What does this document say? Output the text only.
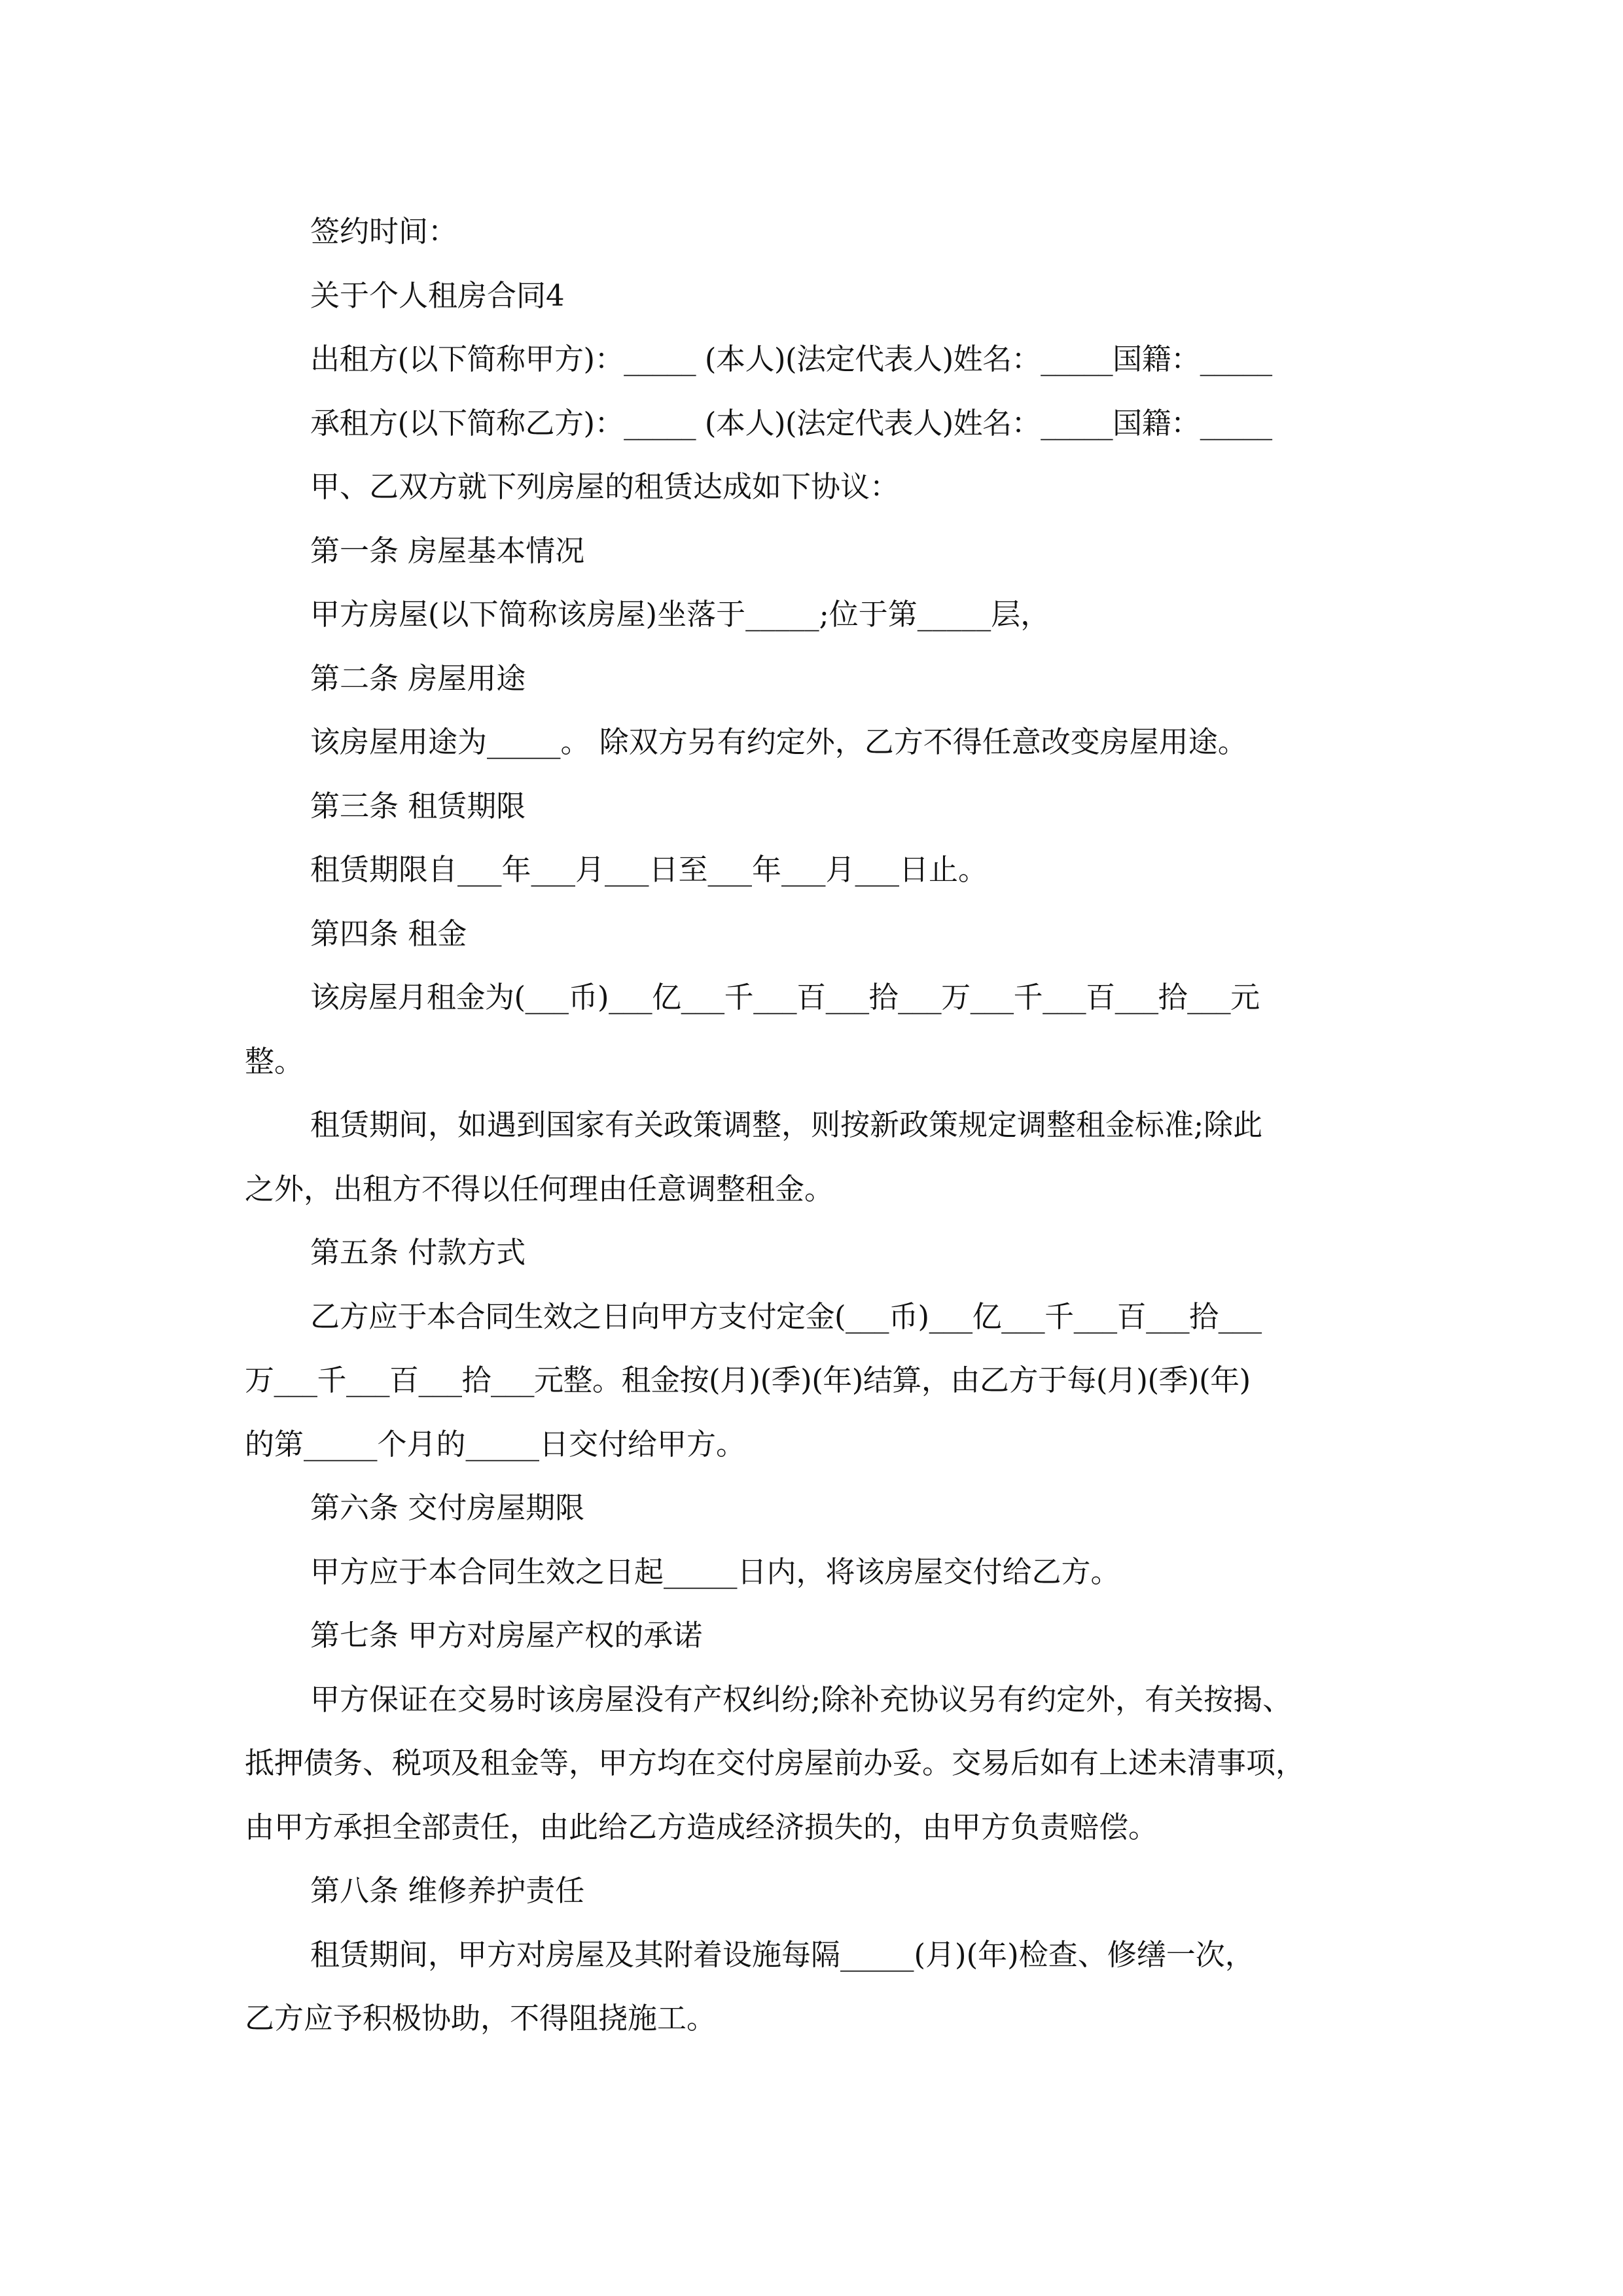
签约时间：
关于个人租房合同4
出租方(以下简称甲方)：_____ (本人)(法定代表人)姓名：_____国籍：_____
承租方(以下简称乙方)：_____ (本人)(法定代表人)姓名：_____国籍：_____
甲、乙双方就下列房屋的租赁达成如下协议：
第一条 房屋基本情况
甲方房屋(以下简称该房屋)坐落于_____;位于第_____层，
第二条 房屋用途
该房屋用途为_____。 除双方另有约定外，乙方不得任意改变房屋用途。
第三条 租赁期限
租赁期限自___年___月___日至___年___月___日止。
第四条 租金
该房屋月租金为(___币)___亿___千___百___拾___万___千___百___拾___元
整。
租赁期间，如遇到国家有关政策调整，则按新政策规定调整租金标准;除此
之外，出租方不得以任何理由任意调整租金。
第五条 付款方式
乙方应于本合同生效之日向甲方支付定金(___币)___亿___千___百___拾___
万___千___百___拾___元整。租金按(月)(季)(年)结算，由乙方于每(月)(季)(年)
的第_____个月的_____日交付给甲方。
第六条 交付房屋期限
甲方应于本合同生效之日起_____日内，将该房屋交付给乙方。
第七条 甲方对房屋产权的承诺
甲方保证在交易时该房屋没有产权纠纷;除补充协议另有约定外，有关按揭、
抵押债务、税项及租金等，甲方均在交付房屋前办妥。交易后如有上述未清事项，
由甲方承担全部责任，由此给乙方造成经济损失的，由甲方负责赔偿。
第八条 维修养护责任
租赁期间，甲方对房屋及其附着设施每隔_____(月)(年)检查、修缮一次，
乙方应予积极协助，不得阻挠施工。
